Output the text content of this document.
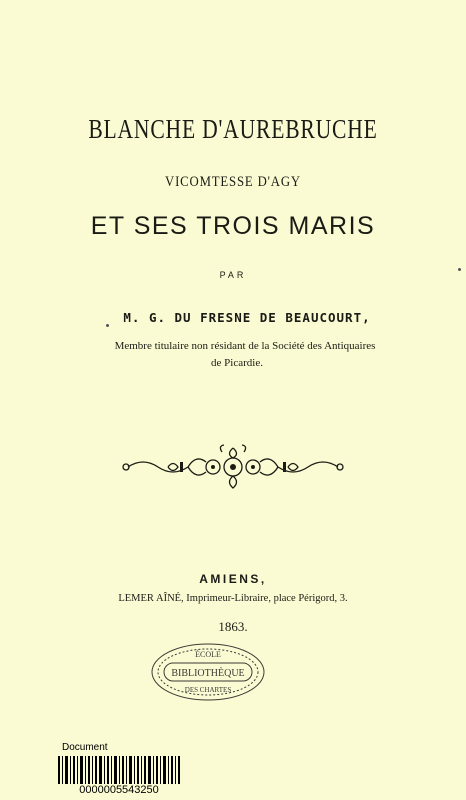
BLANCHE D'AUREBRUCHE
VICOMTESSE D'AGY
ET SES TROIS MARIS
PAR
M. G. DU FRESNE DE BEAUCOURT,
Membre titulaire non résidant de la Société des Antiquaires
de Picardie.
AMIENS,
LEMER AÎNÉ, Imprimeur-Libraire, place Périgord, 3.
1863.
ÉCOLE
BIBLIOTHÈQUE
DES CHARTES
Document
0000005543250
